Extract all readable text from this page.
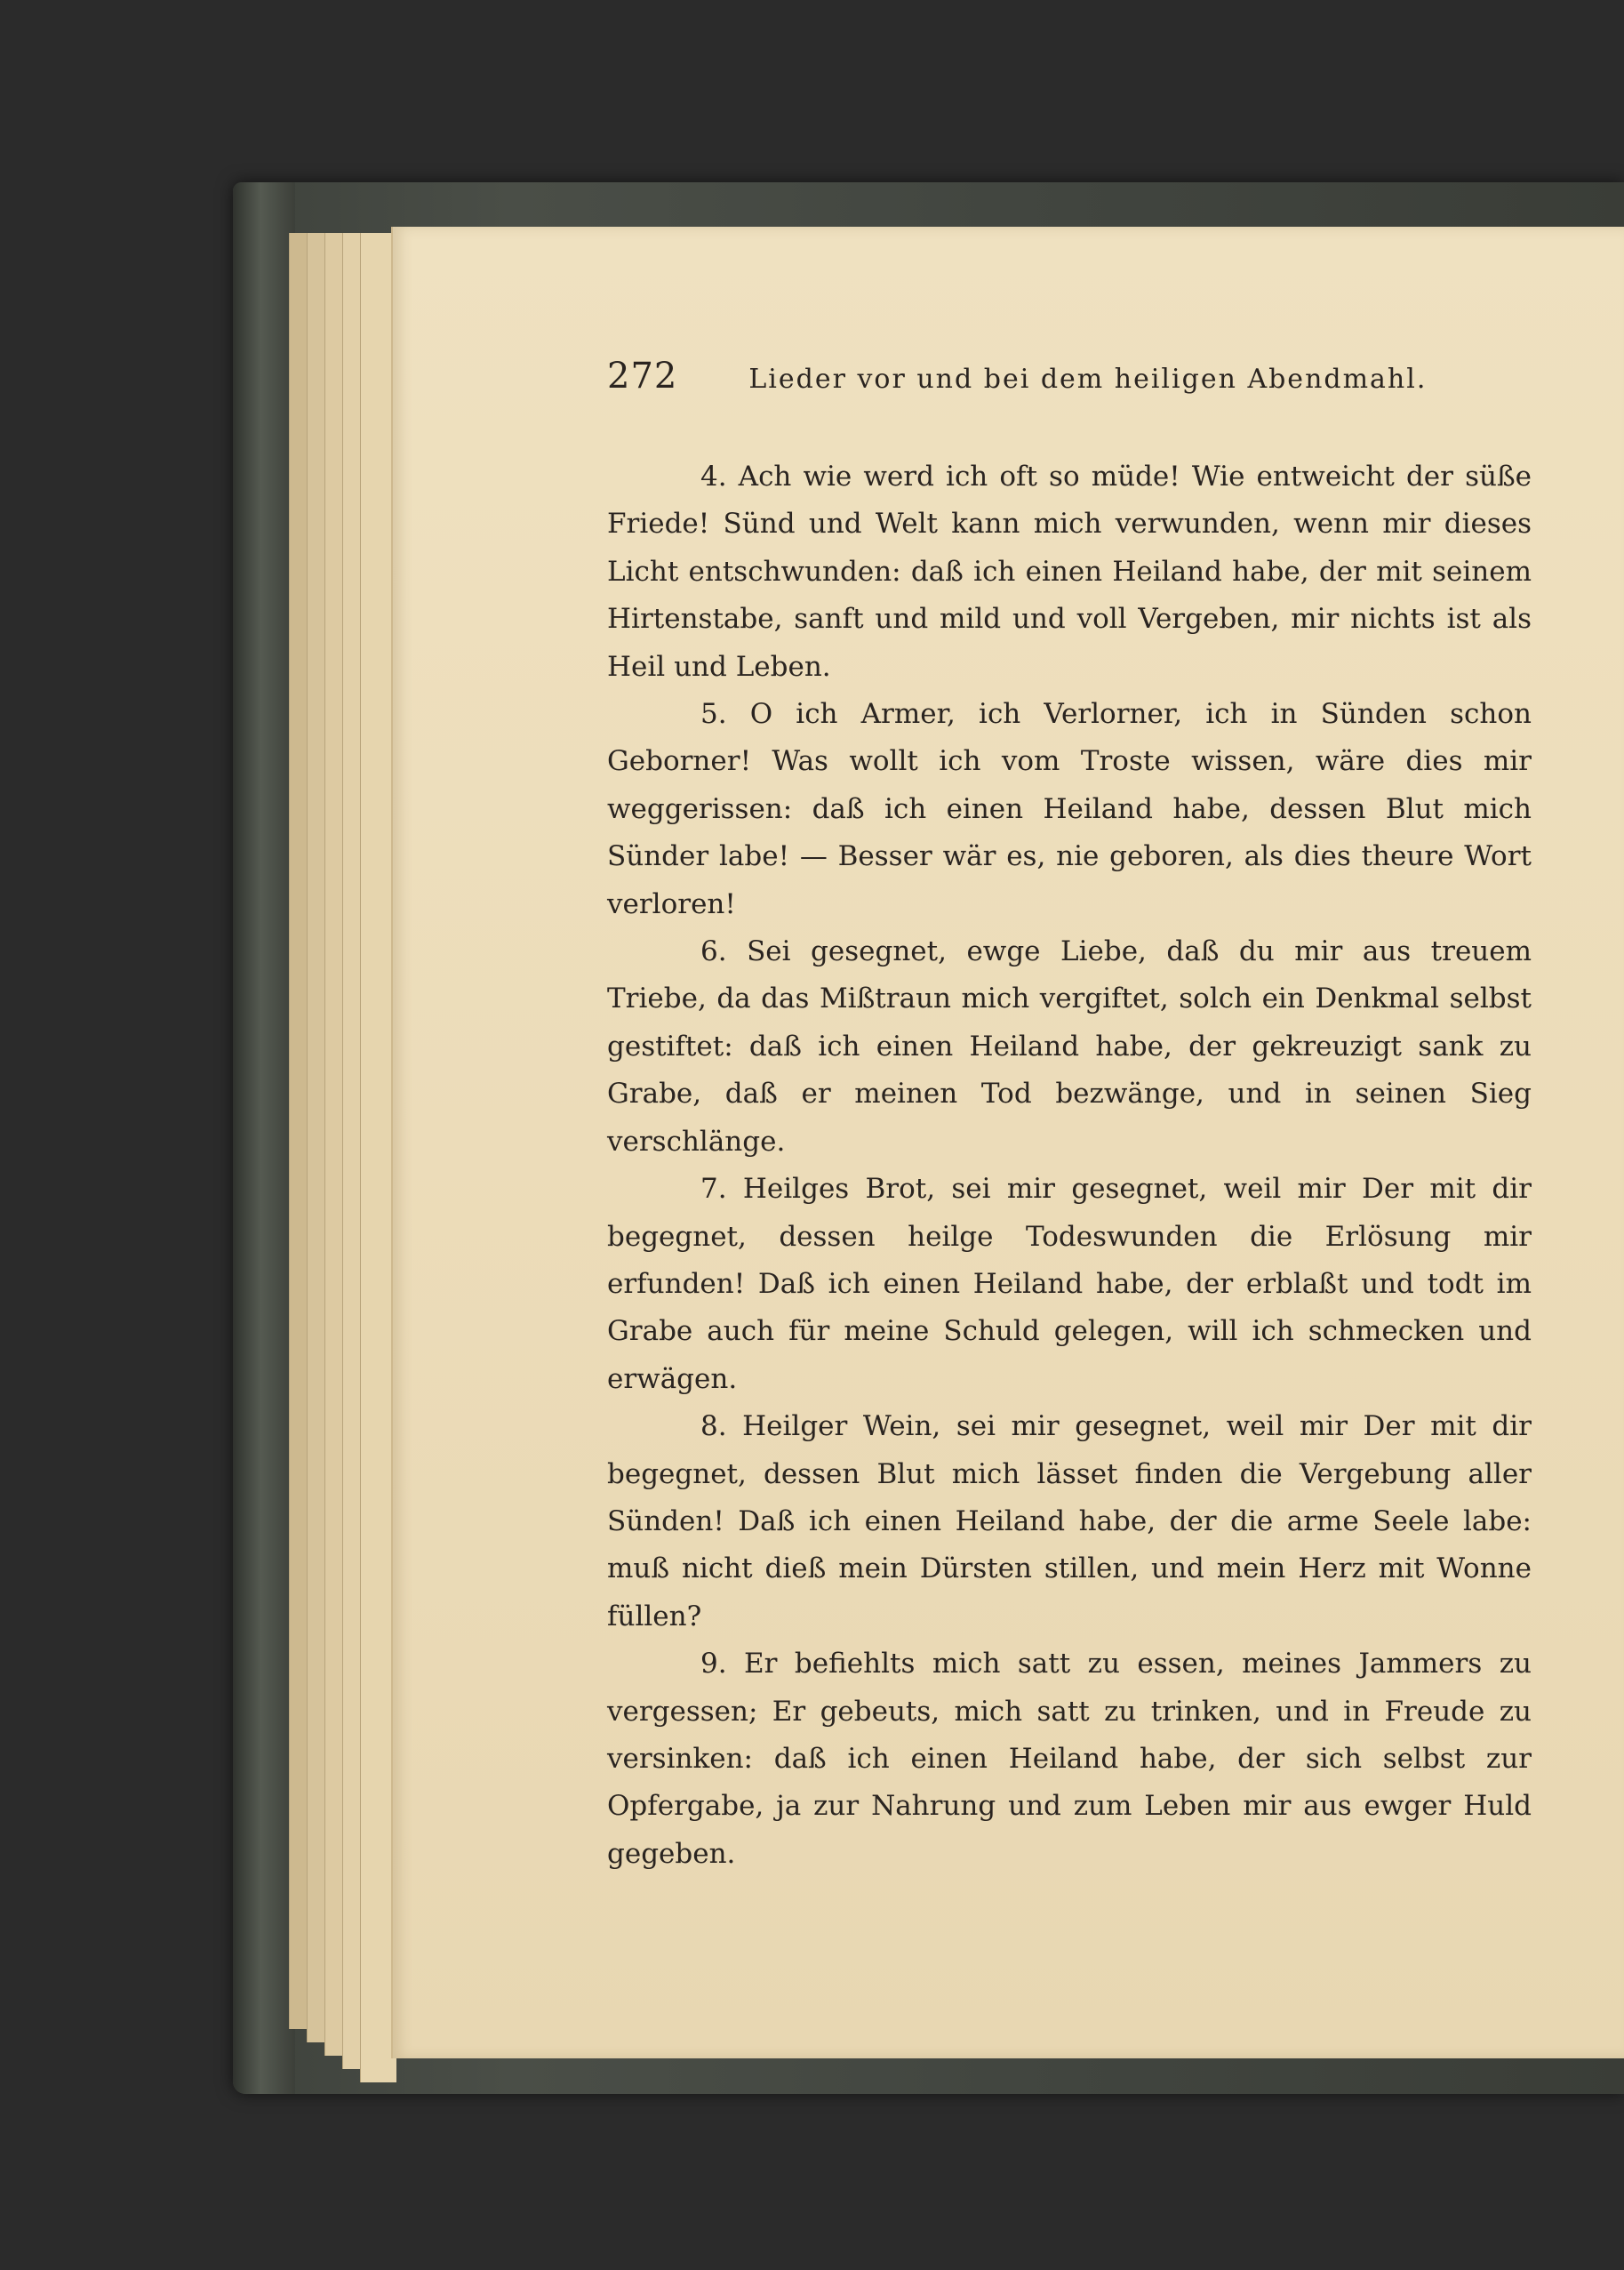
272	Lieder vor und bei dem heiligen Abendmahl.

4. Ach wie werd ich oft so müde! Wie entweicht der süße Friede! Sünd und Welt kann mich verwunden, wenn mir dieses Licht entschwunden: daß ich einen Heiland habe, der mit seinem Hirtenstabe, sanft und mild und voll Vergeben, mir nichts ist als Heil und Leben.

5. O ich Armer, ich Verlorner, ich in Sünden schon Geborner! Was wollt ich vom Troste wissen, wäre dies mir weggerissen: daß ich einen Heiland habe, dessen Blut mich Sünder labe! — Besser wär es, nie geboren, als dies theure Wort verloren!

6. Sei gesegnet, ewge Liebe, daß du mir aus treuem Triebe, da das Mißtraun mich vergiftet, solch ein Denkmal selbst gestiftet: daß ich einen Heiland habe, der gekreuzigt sank zu Grabe, daß er meinen Tod bezwänge, und in seinen Sieg verschlänge.

7. Heilges Brot, sei mir gesegnet, weil mir Der mit dir begegnet, dessen heilge Todeswunden die Erlösung mir erfunden! Daß ich einen Heiland habe, der erblaßt und todt im Grabe auch für meine Schuld gelegen, will ich schmecken und erwägen.

8. Heilger Wein, sei mir gesegnet, weil mir Der mit dir begegnet, dessen Blut mich lässet finden die Vergebung aller Sünden! Daß ich einen Heiland habe, der die arme Seele labe: muß nicht dieß mein Dürsten stillen, und mein Herz mit Wonne füllen?

9. Er befiehlts mich satt zu essen, meines Jammers zu vergessen; Er gebeuts, mich satt zu trinken, und in Freude zu versinken: daß ich einen Heiland habe, der sich selbst zur Opfergabe, ja zur Nahrung und zum Leben mir aus ewger Huld gegeben.
